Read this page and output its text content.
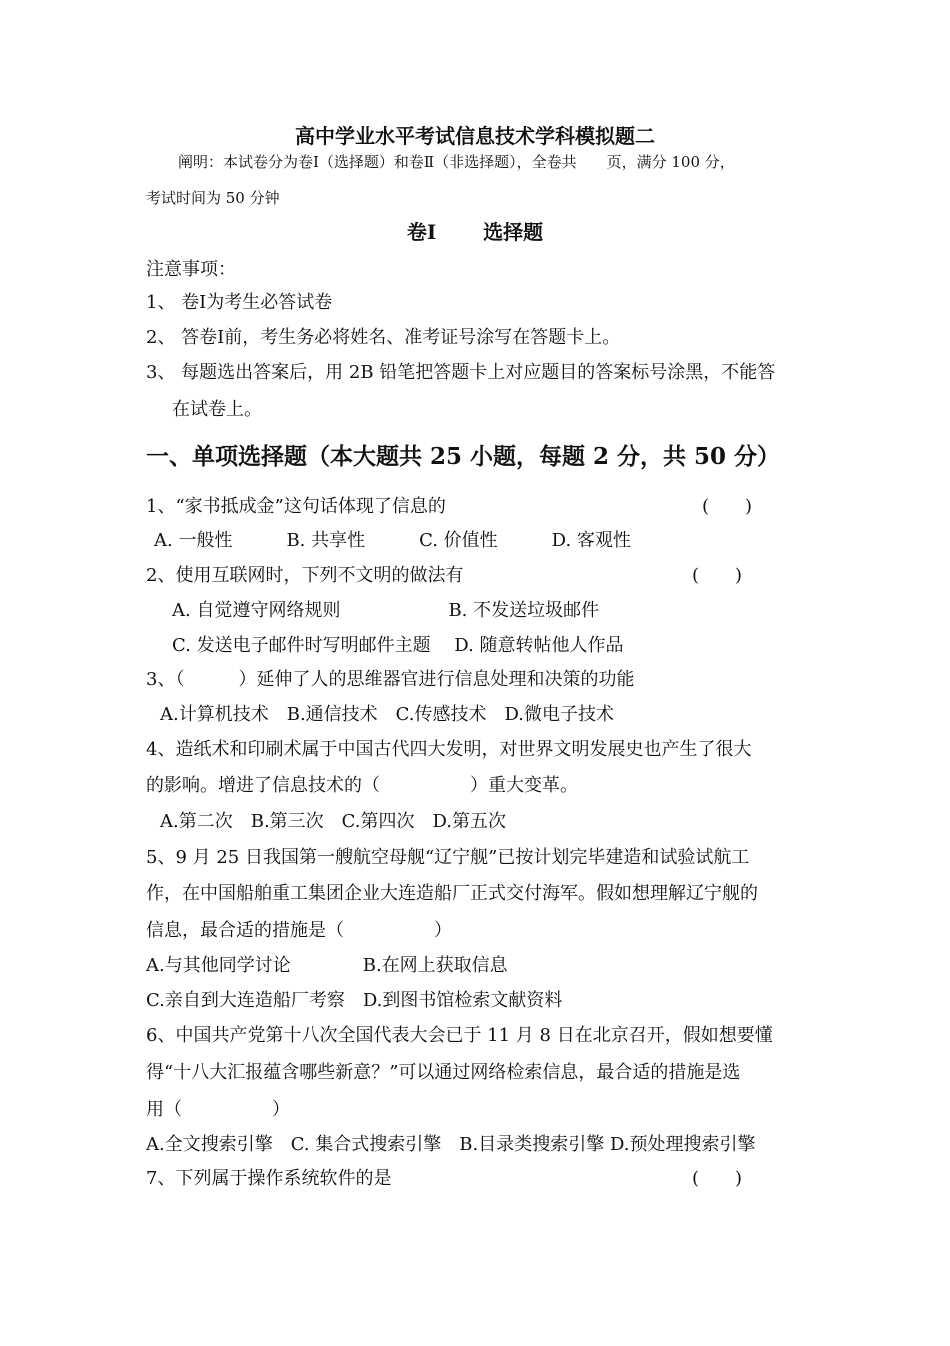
高中学业水平考试信息技术学科模拟题二
阐明：本试卷分为卷Ⅰ（选择题）和卷Ⅱ（非选择题），全卷共　　页，满分 100 分，
考试时间为 50 分钟
卷Ⅰ　　 选择题
注意事项：
1、 卷Ⅰ为考生必答试卷
2、 答卷Ⅰ前，考生务必将姓名、准考证号涂写在答题卡上。
3、 每题选出答案后，用 2B 铅笔把答题卡上对应题目的答案标号涂黑，不能答
在试卷上。
一、单项选择题（本大题共 25 小题，每题 2 分，共 50 分）
1、“家书抵成金”这句话体现了信息的	(　　)
A. 一般性　　　B. 共享性　　　C. 价值性　　　D. 客观性
2、使用互联网时，下列不文明的做法有	(　　)
A. 自觉遵守网络规则　　　　　　B. 不发送垃圾邮件
C. 发送电子邮件时写明邮件主题　 D. 随意转帖他人作品
3、（　　　）延伸了人的思维器官进行信息处理和决策的功能
A.计算机技术　B.通信技术　C.传感技术　D.微电子技术
4、造纸术和印刷术属于中国古代四大发明，对世界文明发展史也产生了很大
的影响。增进了信息技术的（　　　　　）重大变革。
A.第二次　B.第三次　C.第四次　D.第五次
5、9 月 25 日我国第一艘航空母舰“辽宁舰”已按计划完毕建造和试验试航工
作，在中国船舶重工集团企业大连造船厂正式交付海军。假如想理解辽宁舰的
信息，最合适的措施是（　　　　　）
A.与其他同学讨论　　　　B.在网上获取信息
C.亲自到大连造船厂考察　D.到图书馆检索文献资料
6、中国共产党第十八次全国代表大会已于 11 月 8 日在北京召开，假如想要懂
得“十八大汇报蕴含哪些新意？”可以通过网络检索信息，最合适的措施是选
用（　　　　　）
A.全文搜索引擎　C. 集合式搜索引擎　B.目录类搜索引擎 D.预处理搜索引擎
7、下列属于操作系统软件的是	(　　)
